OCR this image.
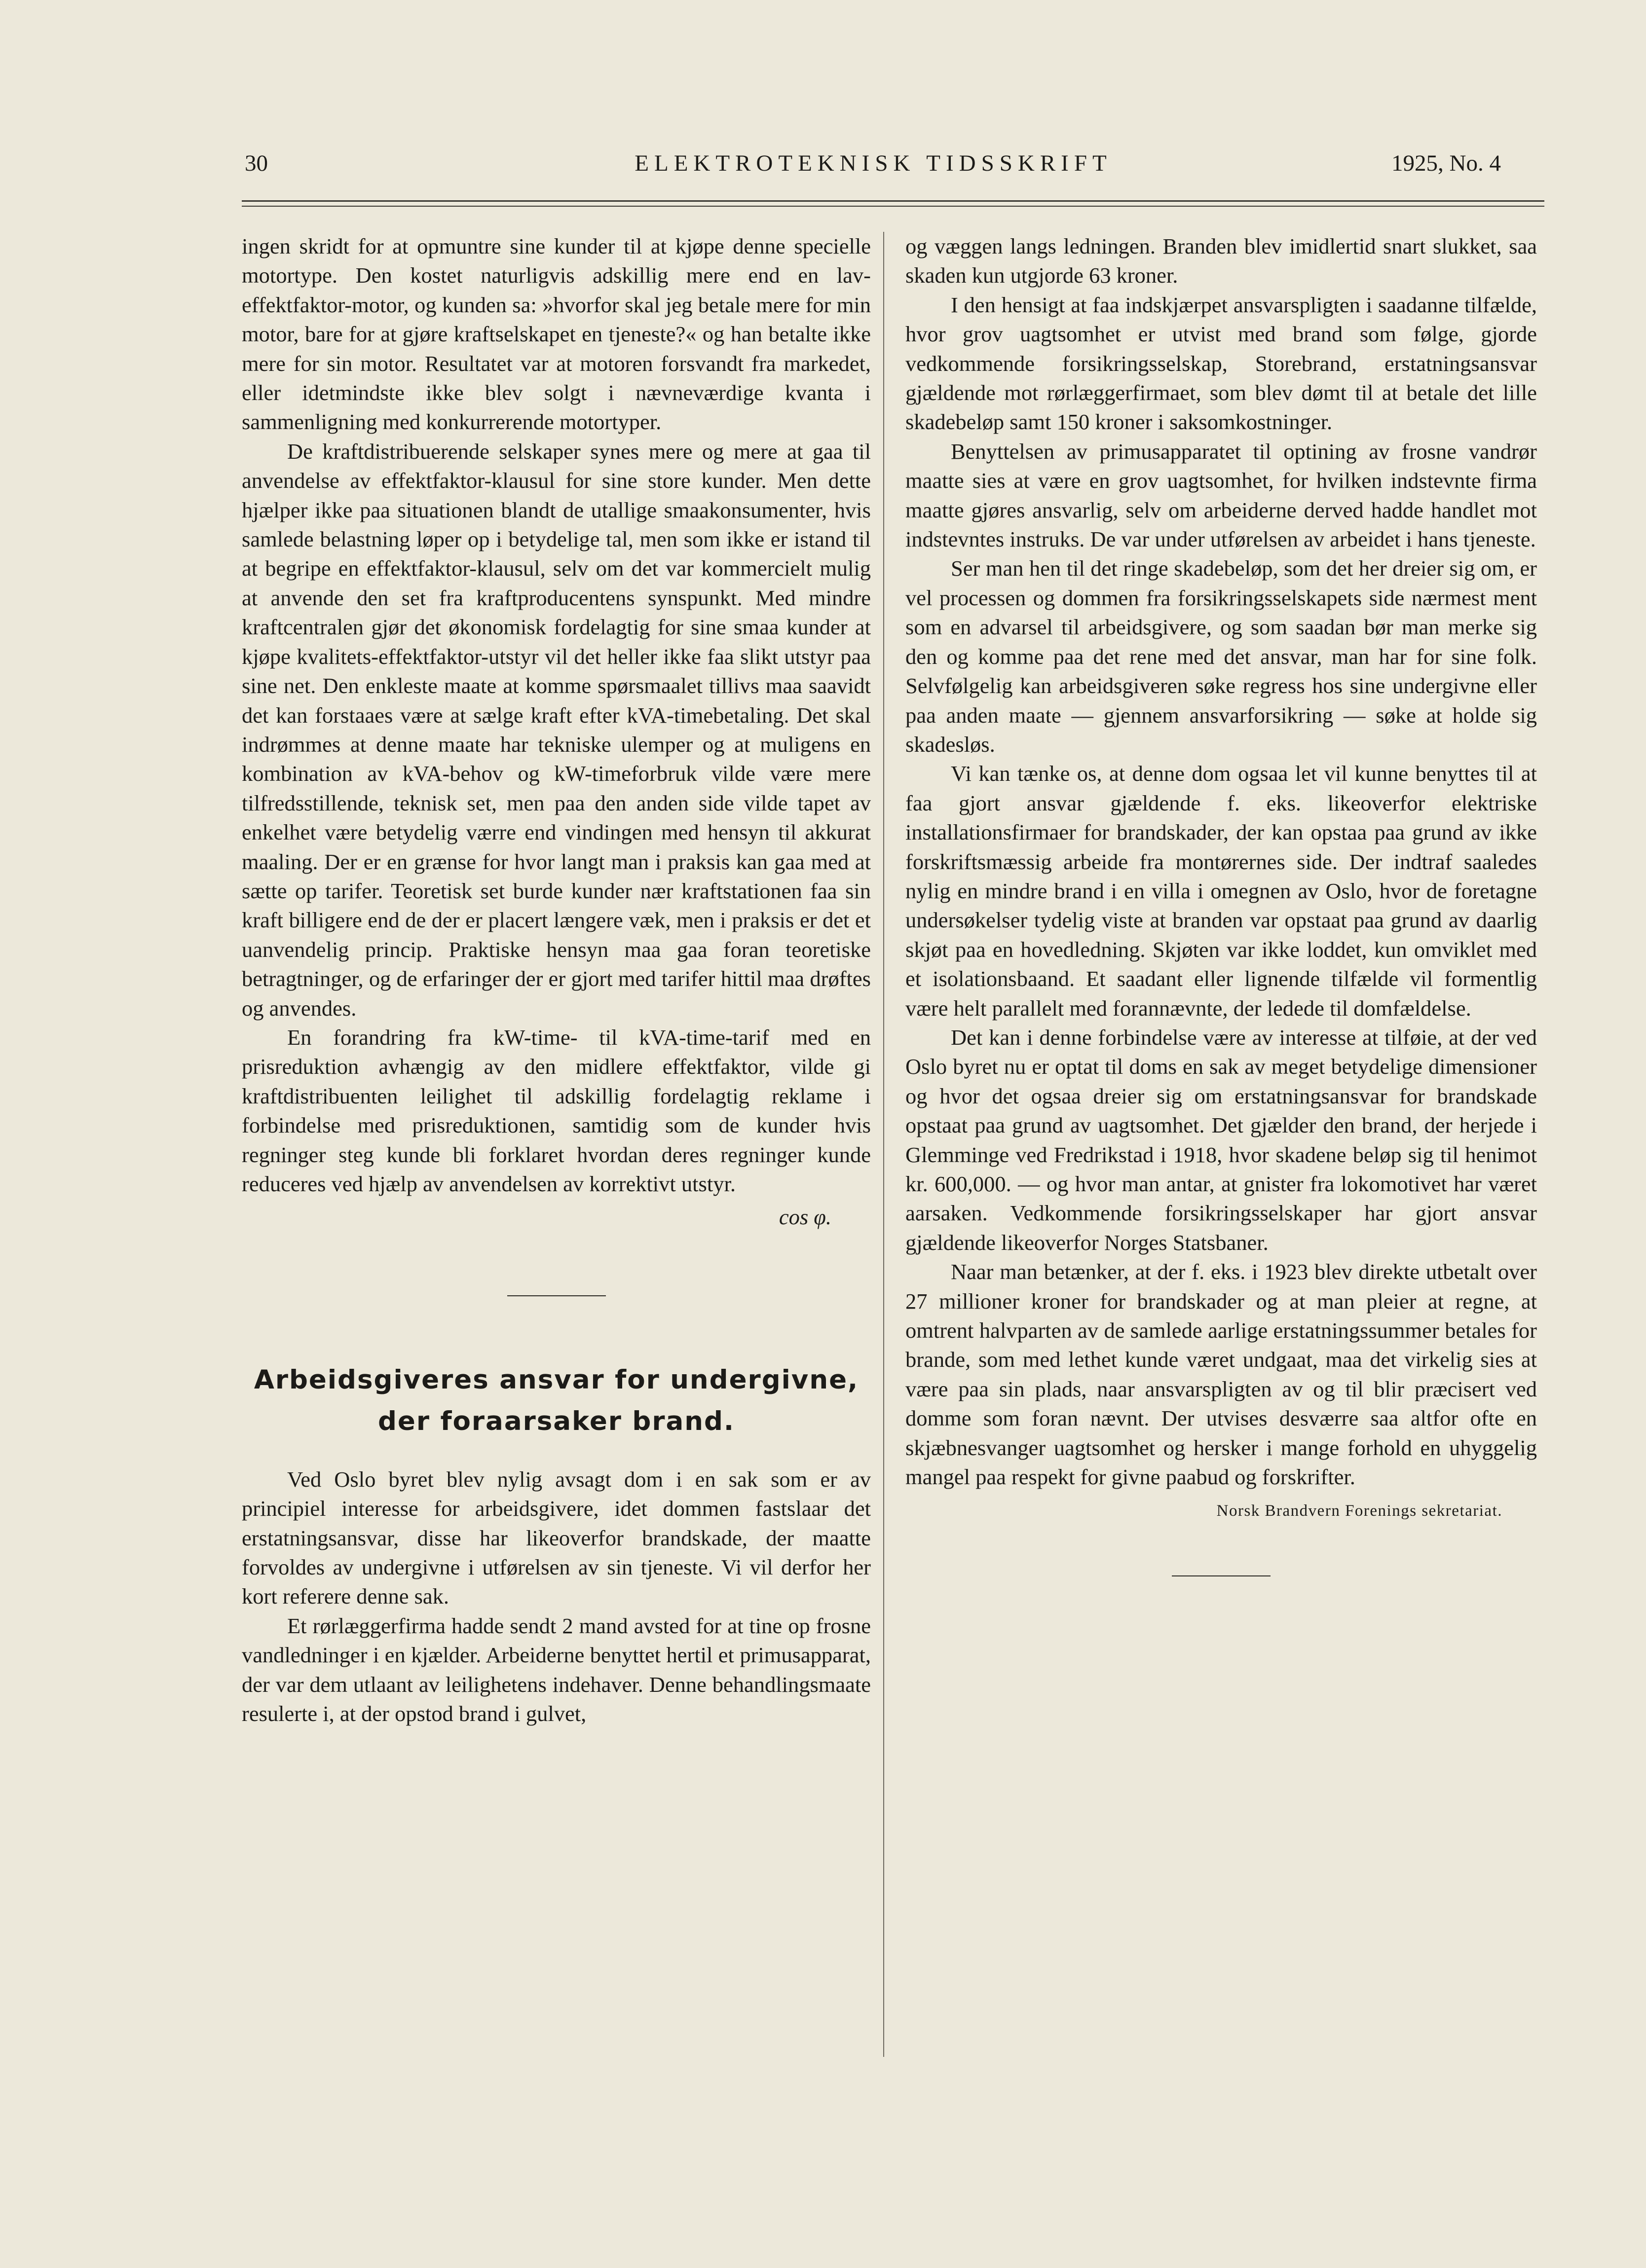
30	ELEKTROTEKNISK TIDSSKRIFT	1925, No. 4

ingen skridt for at opmuntre sine kunder til at kjøpe denne specielle motortype. Den kostet naturligvis adskillig mere end en lav-effektfaktor-motor, og kunden sa: »hvorfor skal jeg betale mere for min motor, bare for at gjøre kraftselskapet en tjeneste?« og han betalte ikke mere for sin motor. Resultatet var at motoren forsvandt fra markedet, eller idetmindste ikke blev solgt i nævneværdige kvanta i sammenligning med konkurrerende motortyper.

De kraftdistribuerende selskaper synes mere og mere at gaa til anvendelse av effektfaktor-klausul for sine store kunder. Men dette hjælper ikke paa situationen blandt de utallige smaakonsumenter, hvis samlede belastning løper op i betydelige tal, men som ikke er istand til at begripe en effektfaktor-klausul, selv om det var kommercielt mulig at anvende den set fra kraftproducentens synspunkt. Med mindre kraftcentralen gjør det økonomisk fordelagtig for sine smaa kunder at kjøpe kvalitets-effektfaktor-utstyr vil det heller ikke faa slikt utstyr paa sine net. Den enkleste maate at komme spørsmaalet tillivs maa saavidt det kan forstaaes være at sælge kraft efter kVA-timebetaling. Det skal indrømmes at denne maate har tekniske ulemper og at muligens en kombination av kVA-behov og kW-timeforbruk vilde være mere tilfredsstillende, teknisk set, men paa den anden side vilde tapet av enkelhet være betydelig værre end vindingen med hensyn til akkurat maaling. Der er en grænse for hvor langt man i praksis kan gaa med at sætte op tarifer. Teoretisk set burde kunder nær kraftstationen faa sin kraft billigere end de der er placert længere væk, men i praksis er det et uanvendelig princip. Praktiske hensyn maa gaa foran teoretiske betragtninger, og de erfaringer der er gjort med tarifer hittil maa drøftes og anvendes.

En forandring fra kW-time- til kVA-time-tarif med en prisreduktion avhængig av den midlere effektfaktor, vilde gi kraftdistribuenten leilighet til adskillig fordelagtig reklame i forbindelse med prisreduktionen, samtidig som de kunder hvis regninger steg kunde bli forklaret hvordan deres regninger kunde reduceres ved hjælp av anvendelsen av korrektivt utstyr.

cos φ.
Arbeidsgiveres ansvar for undergivne, der foraarsaker brand.

Ved Oslo byret blev nylig avsagt dom i en sak som er av principiel interesse for arbeidsgivere, idet dommen fastslaar det erstatningsansvar, disse har likeoverfor brandskade, der maatte forvoldes av undergivne i utførelsen av sin tjeneste. Vi vil derfor her kort referere denne sak.

Et rørlæggerfirma hadde sendt 2 mand avsted for at tine op frosne vandledninger i en kjælder. Arbeiderne benyttet hertil et primusapparat, der var dem utlaant av leilighetens indehaver. Denne behandlingsmaate resulerte i, at der opstod brand i gulvet,

og væggen langs ledningen. Branden blev imidlertid snart slukket, saa skaden kun utgjorde 63 kroner.

I den hensigt at faa indskjærpet ansvarspligten i saadanne tilfælde, hvor grov uagtsomhet er utvist med brand som følge, gjorde vedkommende forsikringsselskap, Storebrand, erstatningsansvar gjældende mot rørlæggerfirmaet, som blev dømt til at betale det lille skadebeløp samt 150 kroner i saksomkostninger.

Benyttelsen av primusapparatet til optining av frosne vandrør maatte sies at være en grov uagtsomhet, for hvilken indstevnte firma maatte gjøres ansvarlig, selv om arbeiderne derved hadde handlet mot indstevntes instruks. De var under utførelsen av arbeidet i hans tjeneste.

Ser man hen til det ringe skadebeløp, som det her dreier sig om, er vel processen og dommen fra forsikringsselskapets side nærmest ment som en advarsel til arbeidsgivere, og som saadan bør man merke sig den og komme paa det rene med det ansvar, man har for sine folk. Selvfølgelig kan arbeidsgiveren søke regress hos sine undergivne eller paa anden maate — gjennem ansvarforsikring — søke at holde sig skadesløs.

Vi kan tænke os, at denne dom ogsaa let vil kunne benyttes til at faa gjort ansvar gjældende f. eks. likeoverfor elektriske installationsfirmaer for brandskader, der kan opstaa paa grund av ikke forskriftsmæssig arbeide fra montørernes side. Der indtraf saaledes nylig en mindre brand i en villa i omegnen av Oslo, hvor de foretagne undersøkelser tydelig viste at branden var opstaat paa grund av daarlig skjøt paa en hovedledning. Skjøten var ikke loddet, kun omviklet med et isolationsbaand. Et saadant eller lignende tilfælde vil formentlig være helt parallelt med forannævnte, der ledede til domfældelse.

Det kan i denne forbindelse være av interesse at tilføie, at der ved Oslo byret nu er optat til doms en sak av meget betydelige dimensioner og hvor det ogsaa dreier sig om erstatningsansvar for brandskade opstaat paa grund av uagtsomhet. Det gjælder den brand, der herjede i Glemminge ved Fredrikstad i 1918, hvor skadene beløp sig til henimot kr. 600,000. — og hvor man antar, at gnister fra lokomotivet har været aarsaken. Vedkommende forsikringsselskaper har gjort ansvar gjældende likeoverfor Norges Statsbaner.

Naar man betænker, at der f. eks. i 1923 blev direkte utbetalt over 27 millioner kroner for brandskader og at man pleier at regne, at omtrent halvparten av de samlede aarlige erstatningssummer betales for brande, som med lethet kunde været undgaat, maa det virkelig sies at være paa sin plads, naar ansvarspligten av og til blir præcisert ved domme som foran nævnt. Der utvises desværre saa altfor ofte en skjæbnesvanger uagtsomhet og hersker i mange forhold en uhyggelig mangel paa respekt for givne paabud og forskrifter.

Norsk Brandvern Forenings sekretariat.
